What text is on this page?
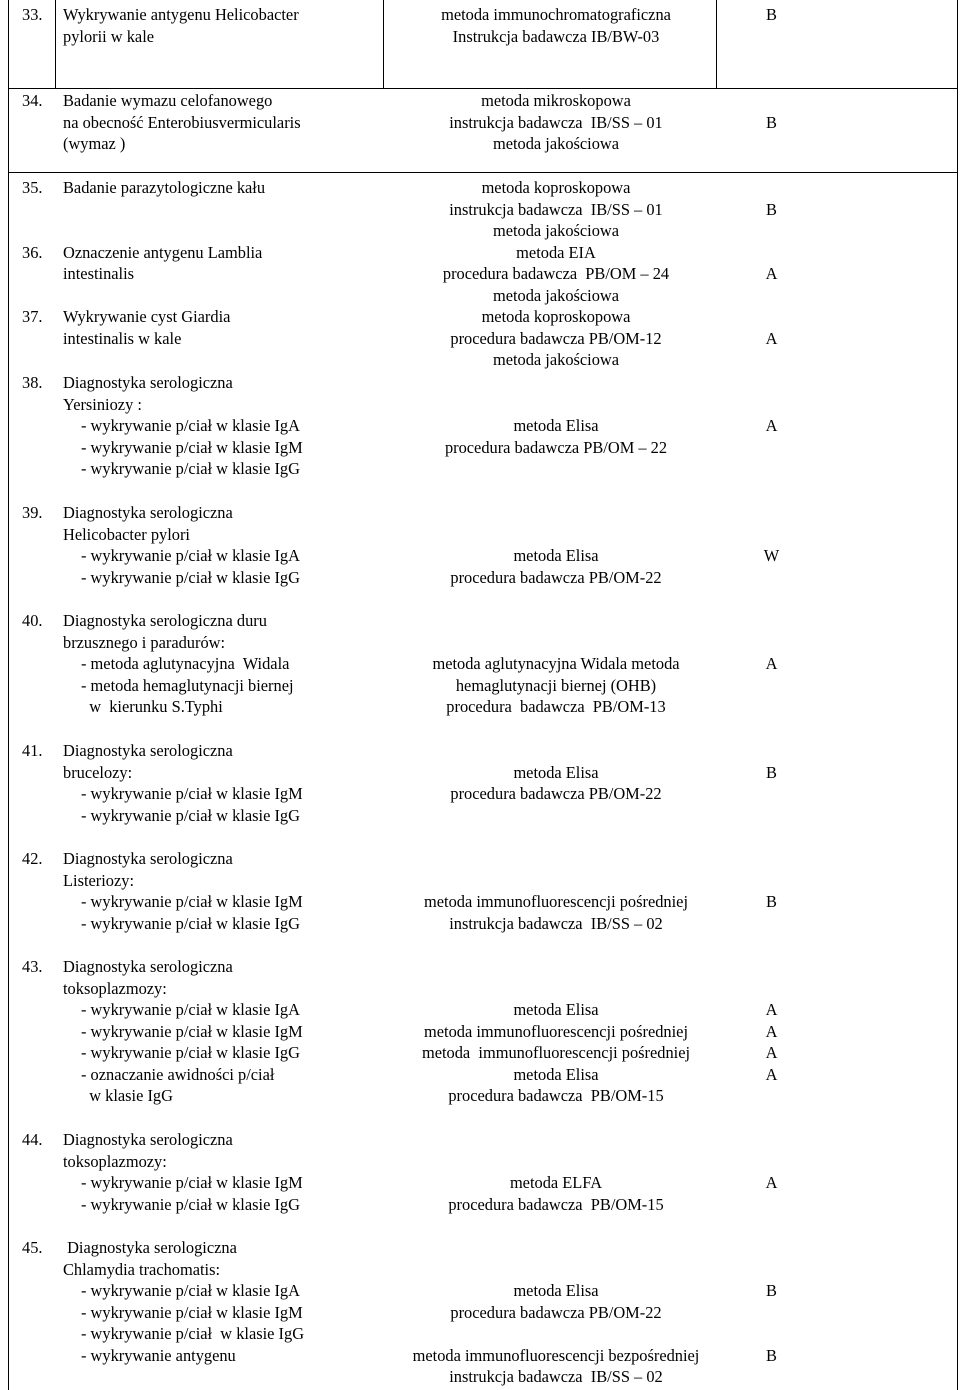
33. Wykrywanie antygenu Helicobacter
pylorii w kale
metoda immunochromatograficzna
Instrukcja badawcza IB/BW-03
B
34. Badanie wymazu celofanowego
na obecność Enterobiusvermicularis
(wymaz )
metoda mikroskopowa
instrukcja badawcza  IB/SS – 01
metoda jakościowa
B
35. Badanie parazytologiczne kału	metoda koproskopowa
instrukcja badawcza  IB/SS – 01
metoda jakościowa
B
36. Oznaczenie antygenu Lamblia
intestinalis
metoda EIA
procedura badawcza  PB/OM – 24
metoda jakościowa
A
37. Wykrywanie cyst Giardia
intestinalis w kale
metoda koproskopowa
procedura badawcza PB/OM-12
metoda jakościowa
A
38. Diagnostyka serologiczna
Yersiniozy :
- wykrywanie p/ciał w klasie IgA
- wykrywanie p/ciał w klasie IgM
- wykrywanie p/ciał w klasie IgG
metoda Elisa
procedura badawcza PB/OM – 22
A
39. Diagnostyka serologiczna
Helicobacter pylori
- wykrywanie p/ciał w klasie IgA
- wykrywanie p/ciał w klasie IgG
metoda Elisa
procedura badawcza PB/OM-22
W
40. Diagnostyka serologiczna duru
brzusznego i paradurów:
- metoda aglutynacyjna  Widala
- metoda hemaglutynacji biernej
w  kierunku S.Typhi
metoda aglutynacyjna Widala metoda
hemaglutynacji biernej (OHB)
procedura  badawcza  PB/OM-13
A
41. Diagnostyka serologiczna
brucelozy:
- wykrywanie p/ciał w klasie IgM
- wykrywanie p/ciał w klasie IgG
metoda Elisa
procedura badawcza PB/OM-22
B
42. Diagnostyka serologiczna
Listeriozy:
- wykrywanie p/ciał w klasie IgM
- wykrywanie p/ciał w klasie IgG
metoda immunofluorescencji pośredniej
instrukcja badawcza  IB/SS – 02
B
43. Diagnostyka serologiczna
toksoplazmozy:
- wykrywanie p/ciał w klasie IgA
- wykrywanie p/ciał w klasie IgM
- wykrywanie p/ciał w klasie IgG
- oznaczanie awidności p/ciał
w klasie IgG
metoda Elisa
metoda immunofluorescencji pośredniej
metoda  immunofluorescencji pośredniej
metoda Elisa
procedura badawcza  PB/OM-15
A
A
A
A
44. Diagnostyka serologiczna
toksoplazmozy:
- wykrywanie p/ciał w klasie IgM
- wykrywanie p/ciał w klasie IgG
metoda ELFA
procedura badawcza  PB/OM-15
A
45. Diagnostyka serologiczna
Chlamydia trachomatis:
- wykrywanie p/ciał w klasie IgA
- wykrywanie p/ciał w klasie IgM
- wykrywanie p/ciał  w klasie IgG
- wykrywanie antygenu
metoda Elisa
procedura badawcza PB/OM-22
metoda immunofluorescencji bezpośredniej
instrukcja badawcza  IB/SS – 02
B
B
